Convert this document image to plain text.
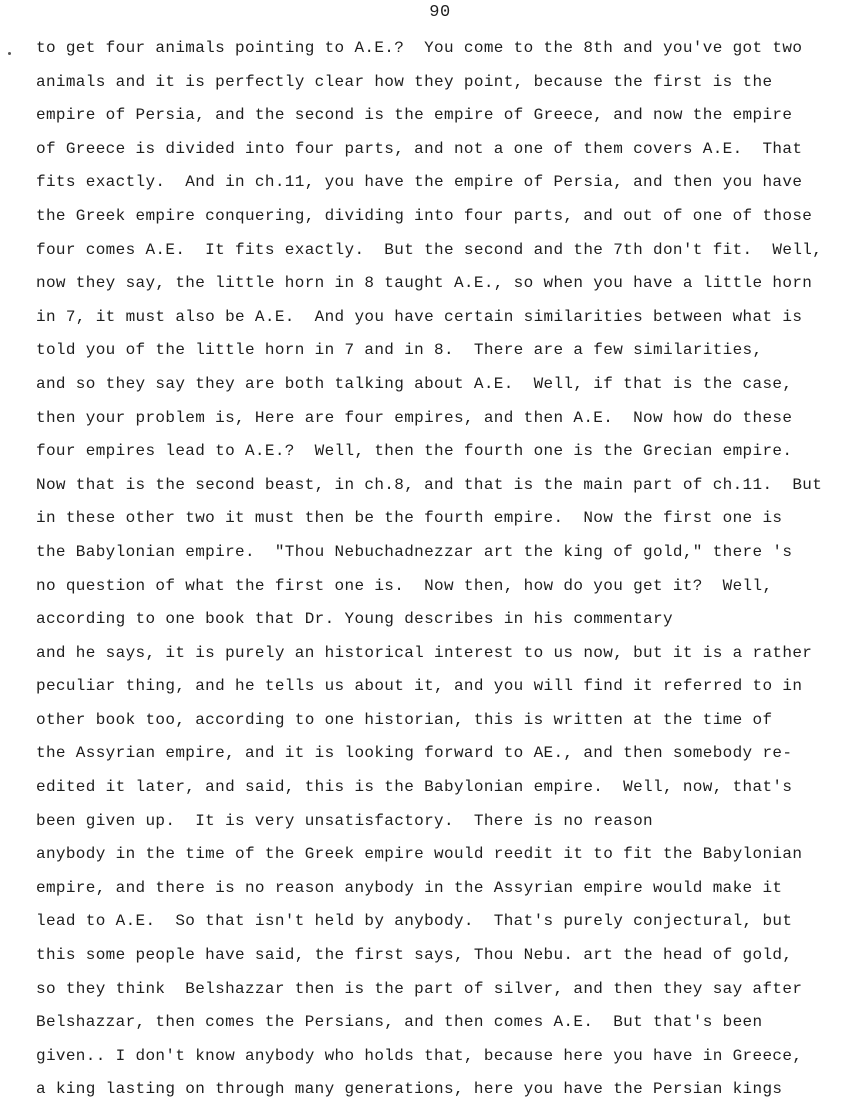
90
to get four animals pointing to A.E.?  You come to the 8th and you've got two
animals and it is perfectly clear how they point, because the first is the
empire of Persia, and the second is the empire of Greece, and now the empire
of Greece is divided into four parts, and not a one of them covers A.E.  That
fits exactly.  And in ch.11, you have the empire of Persia, and then you have
the Greek empire conquering, dividing into four parts, and out of one of those
four comes A.E.  It fits exactly.  But the second and the 7th don't fit.  Well,
now they say, the little horn in 8 taught A.E., so when you have a little horn
in 7, it must also be A.E.  And you have certain similarities between what is
told you of the little horn in 7 and in 8.  There are a few similarities,
and so they say they are both talking about A.E.  Well, if that is the case,
then your problem is, Here are four empires, and then A.E.  Now how do these
four empires lead to A.E.?  Well, then the fourth one is the Grecian empire.
Now that is the second beast, in ch.8, and that is the main part of ch.11.  But
in these other two it must then be the fourth empire.  Now the first one is
the Babylonian empire.  "Thou Nebuchadnezzar art the king of gold," there 's
no question of what the first one is.  Now then, how do you get it?  Well,
according to one book that Dr. Young describes in his commentary
and he says, it is purely an historical interest to us now, but it is a rather
peculiar thing, and he tells us about it, and you will find it referred to in
other book too, according to one historian, this is written at the time of
the Assyrian empire, and it is looking forward to AE., and then somebody re-
edited it later, and said, this is the Babylonian empire.  Well, now, that's
been given up.  It is very unsatisfactory.  There is no reason
anybody in the time of the Greek empire would reedit it to fit the Babylonian
empire, and there is no reason anybody in the Assyrian empire would make it
lead to A.E.  So that isn't held by anybody.  That's purely conjectural, but
this some people have said, the first says, Thou Nebu. art the head of gold,
so they think  Belshazzar then is the part of silver, and then they say after
Belshazzar, then comes the Persians, and then comes A.E.  But that's been
given.. I don't know anybody who holds that, because here you have in Greece,
a king lasting on through many generations, here you have the Persian kings
